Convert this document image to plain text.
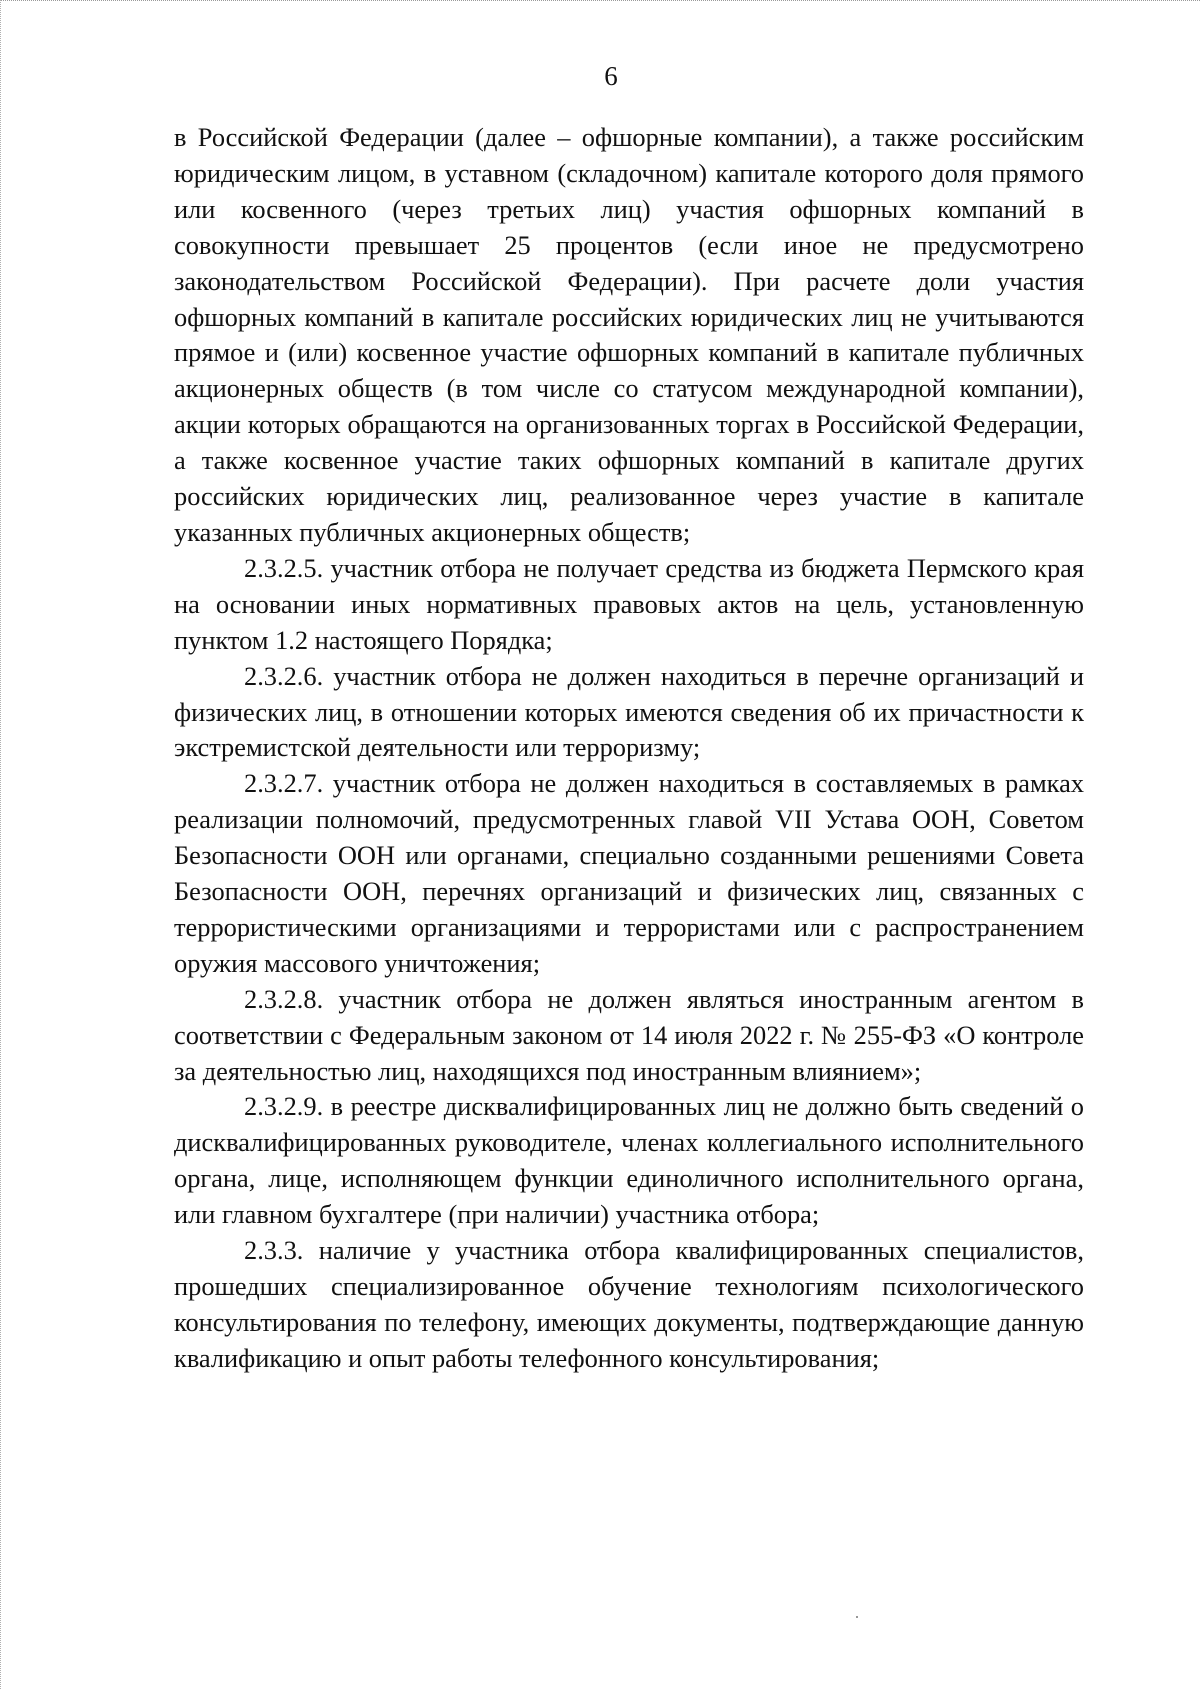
6

в Российской Федерации (далее – офшорные компании), а также российским юридическим лицом, в уставном (складочном) капитале которого доля прямого или косвенного (через третьих лиц) участия офшорных компаний в совокупности превышает 25 процентов (если иное не предусмотрено законодательством Российской Федерации). При расчете доли участия офшорных компаний в капитале российских юридических лиц не учитываются прямое и (или) косвенное участие офшорных компаний в капитале публичных акционерных обществ (в том числе со статусом международной компании), акции которых обращаются на организованных торгах в Российской Федерации, а также косвенное участие таких офшорных компаний в капитале других российских юридических лиц, реализованное через участие в капитале указанных публичных акционерных обществ;

2.3.2.5. участник отбора не получает средства из бюджета Пермского края на основании иных нормативных правовых актов на цель, установленную пунктом 1.2 настоящего Порядка;

2.3.2.6. участник отбора не должен находиться в перечне организаций и физических лиц, в отношении которых имеются сведения об их причастности к экстремистской деятельности или терроризму;

2.3.2.7. участник отбора не должен находиться в составляемых в рамках реализации полномочий, предусмотренных главой VII Устава ООН, Советом Безопасности ООН или органами, специально созданными решениями Совета Безопасности ООН, перечнях организаций и физических лиц, связанных с террористическими организациями и террористами или с распространением оружия массового уничтожения;

2.3.2.8. участник отбора не должен являться иностранным агентом в соответствии с Федеральным законом от 14 июля 2022 г. № 255-ФЗ «О контроле за деятельностью лиц, находящихся под иностранным влиянием»;

2.3.2.9. в реестре дисквалифицированных лиц не должно быть сведений о дисквалифицированных руководителе, членах коллегиального исполнительного органа, лице, исполняющем функции единоличного исполнительного органа, или главном бухгалтере (при наличии) участника отбора;

2.3.3. наличие у участника отбора квалифицированных специалистов, прошедших специализированное обучение технологиям психологического консультирования по телефону, имеющих документы, подтверждающие данную квалификацию и опыт работы телефонного консультирования;
